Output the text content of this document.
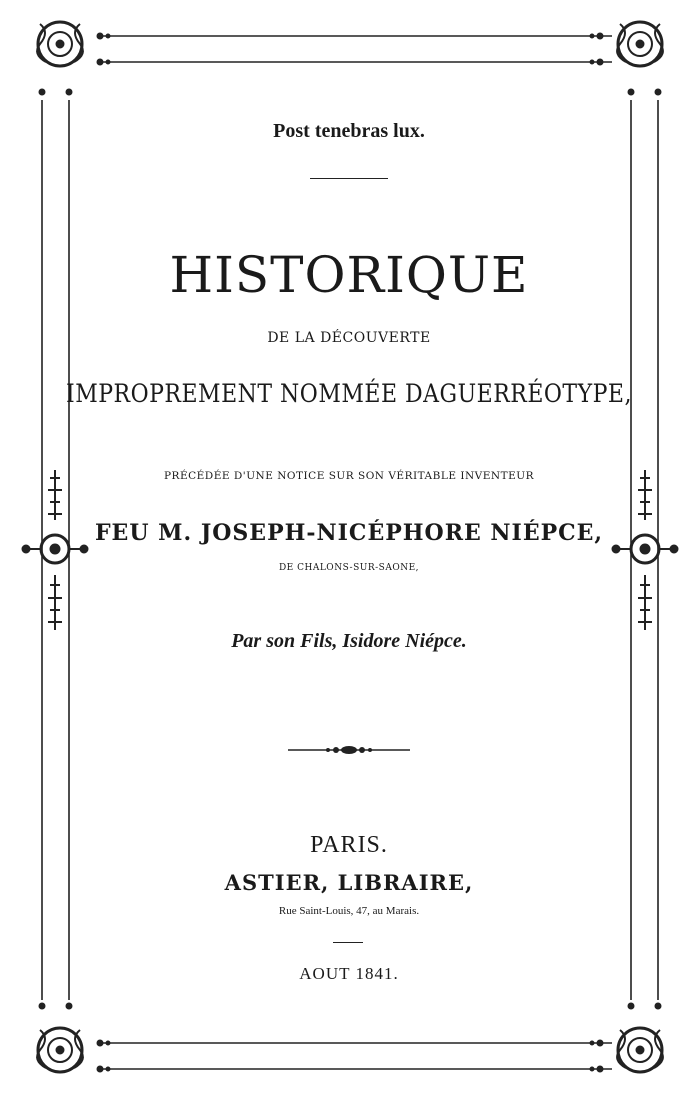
Post tenebras lux.

HISTORIQUE

DE LA DÉCOUVERTE

IMPROPREMENT NOMMÉE DAGUERRÉOTYPE,

PRÉCÉDÉE D'UNE NOTICE SUR SON VÉRITABLE INVENTEUR

FEU M. JOSEPH-NICÉPHORE NIÉPCE,

DE CHALONS-SUR-SAONE,

Par son Fils, Isidore Niépce.

PARIS.

ASTIER, LIBRAIRE,

Rue Saint-Louis, 47, au Marais.

AOUT 1841.
